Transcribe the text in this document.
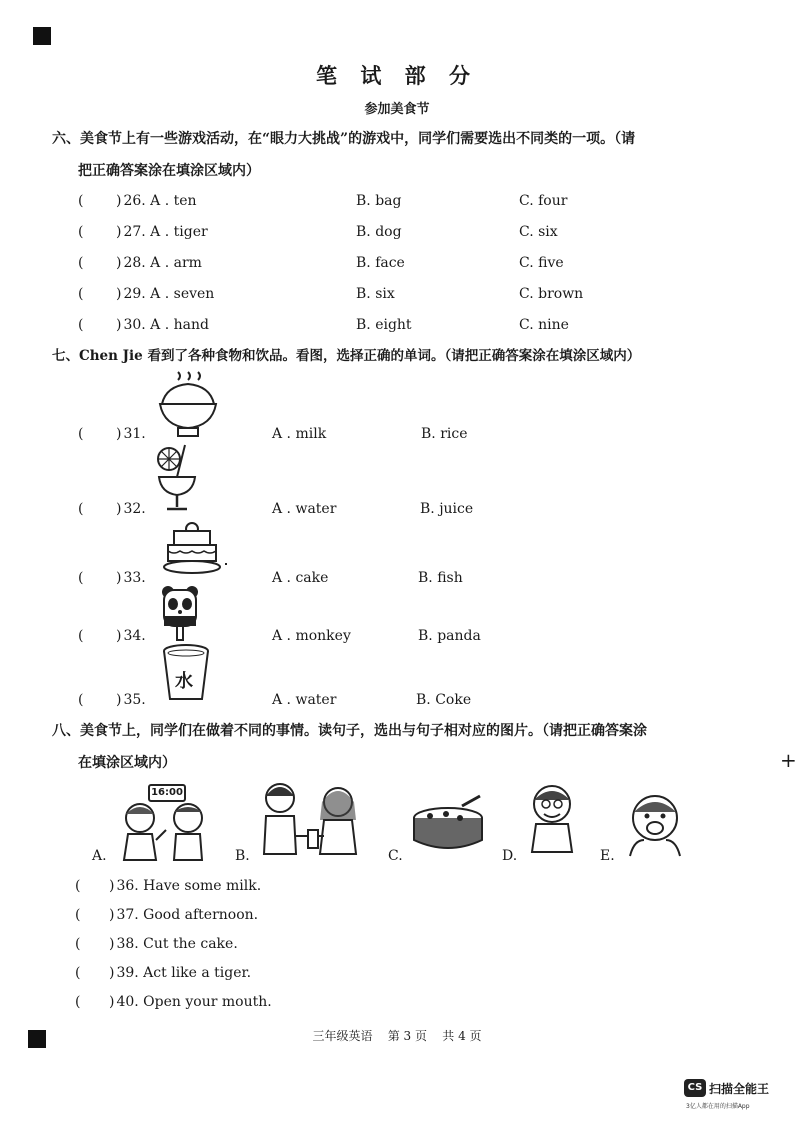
+
笔 试 部 分
参加美食节
六、美食节上有一些游戏活动，在“眼力大挑战”的游戏中，同学们需要选出不同类的一项。（请
把正确答案涂在填涂区域内）
( ) 26. A . ten	B. bag	C. four
( ) 27. A . tiger	B. dog	C. six
( ) 28. A . arm	B. face	C. five
( ) 29. A . seven	B. six	C. brown
( ) 30. A . hand	B. eight	C. nine
七、Chen Jie 看到了各种食物和饮品。看图，选择正确的单词。（请把正确答案涂在填涂区域内）
水
( ) 31.	A . milk	B. rice
( ) 32.	A . water	B. juice
( ) 33.	A . cake	B. fish
( ) 34.	A . monkey	B. panda
( ) 35.	A . water	B. Coke
八、美食节上，同学们在做着不同的事情。读句子，选出与句子相对应的图片。（请把正确答案涂
在填涂区域内）
16:00
A.	B.	C.	D.	E.
( ) 36. Have some milk.
( ) 37. Good afternoon.
( ) 38. Cut the cake.
( ) 39. Act like a tiger.
( ) 40. Open your mouth.
三年级英语    第 3 页    共 4 页
CS 扫描全能王
3亿人都在用的扫描App
